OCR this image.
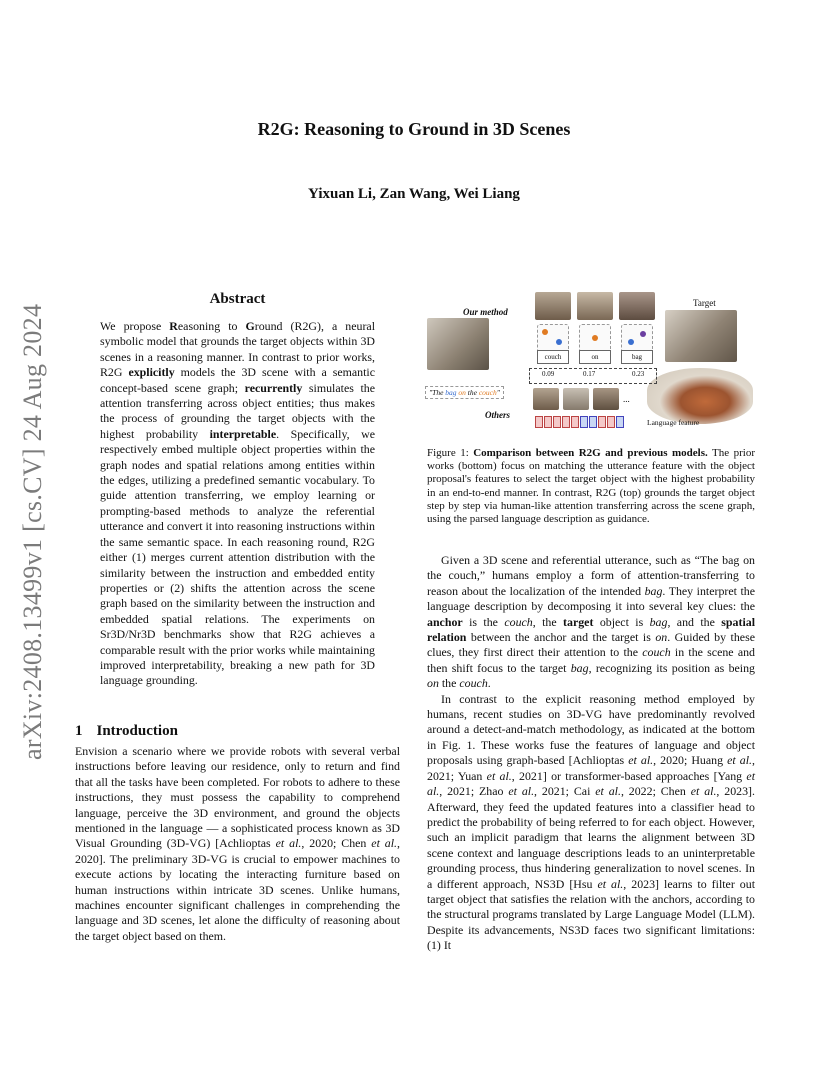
arXiv:2408.13499v1 [cs.CV] 24 Aug 2024
R2G: Reasoning to Ground in 3D Scenes
Yixuan Li, Zan Wang, Wei Liang
Abstract
We propose Reasoning to Ground (R2G), a neural symbolic model that grounds the target objects within 3D scenes in a reasoning manner. In contrast to prior works, R2G explicitly models the 3D scene with a semantic concept-based scene graph; recurrently simulates the attention transferring across object entities; thus makes the process of grounding the target objects with the highest probability interpretable. Specifically, we respectively embed multiple object properties within the graph nodes and spatial relations among entities within the edges, utilizing a predefined semantic vocabulary. To guide attention transferring, we employ learning or prompting-based methods to analyze the referential utterance and convert it into reasoning instructions within the same semantic space. In each reasoning round, R2G either (1) merges current attention distribution with the similarity between the instruction and embedded entity properties or (2) shifts the attention across the scene graph based on the similarity between the instruction and embedded spatial relations. The experiments on Sr3D/Nr3D benchmarks show that R2G achieves a comparable result with the prior works while maintaining improved interpretability, breaking a new path for 3D language grounding.
1 Introduction
Envision a scenario where we provide robots with several verbal instructions before leaving our residence, only to return and find that all the tasks have been completed. For robots to adhere to these instructions, they must possess the capability to comprehend language, perceive the 3D environment, and ground the objects mentioned in the language — a sophisticated process known as 3D Visual Grounding (3D-VG) [Achlioptas et al., 2020; Chen et al., 2020]. The preliminary 3D-VG is crucial to empower machines to execute actions by locating the interacting furniture based on human instructions within intricate 3D scenes. Unlike humans, machines encounter significant challenges in comprehending the language and 3D scenes, let alone the difficulty of reasoning about the target object based on them.
Our method
Target
Others
couch	on	bag
0.09	0.17	0.23
"The bag on the couch"
...
Language feature
Figure 1: Comparison between R2G and previous models. The prior works (bottom) focus on matching the utterance feature with the object proposal's features to select the target object with the highest probability in an end-to-end manner. In contrast, R2G (top) grounds the target object step by step via human-like attention transferring across the scene graph, using the parsed language description as guidance.

Given a 3D scene and referential utterance, such as “The bag on the couch,” humans employ a form of attention-transferring to reason about the localization of the intended bag. They interpret the language description by decomposing it into several key clues: the anchor is the couch, the target object is bag, and the spatial relation between the anchor and the target is on. Guided by these clues, they first direct their attention to the couch in the scene and then shift focus to the target bag, recognizing its position as being on the couch.

In contrast to the explicit reasoning method employed by humans, recent studies on 3D-VG have predominantly revolved around a detect-and-match methodology, as indicated at the bottom in Fig. 1. These works fuse the features of language and object proposals using graph-based [Achlioptas et al., 2020; Huang et al., 2021; Yuan et al., 2021] or transformer-based approaches [Yang et al., 2021; Zhao et al., 2021; Cai et al., 2022; Chen et al., 2023]. Afterward, they feed the updated features into a classifier head to predict the probability of being referred to for each object. However, such an implicit paradigm that learns the alignment between 3D scene context and language descriptions leads to an uninterpretable grounding process, thus hindering generalization to novel scenes. In a different approach, NS3D [Hsu et al., 2023] learns to filter out target object that satisfies the relation with the anchors, according to the structural programs translated by Large Language Model (LLM). Despite its advancements, NS3D faces two significant limitations: (1) It
